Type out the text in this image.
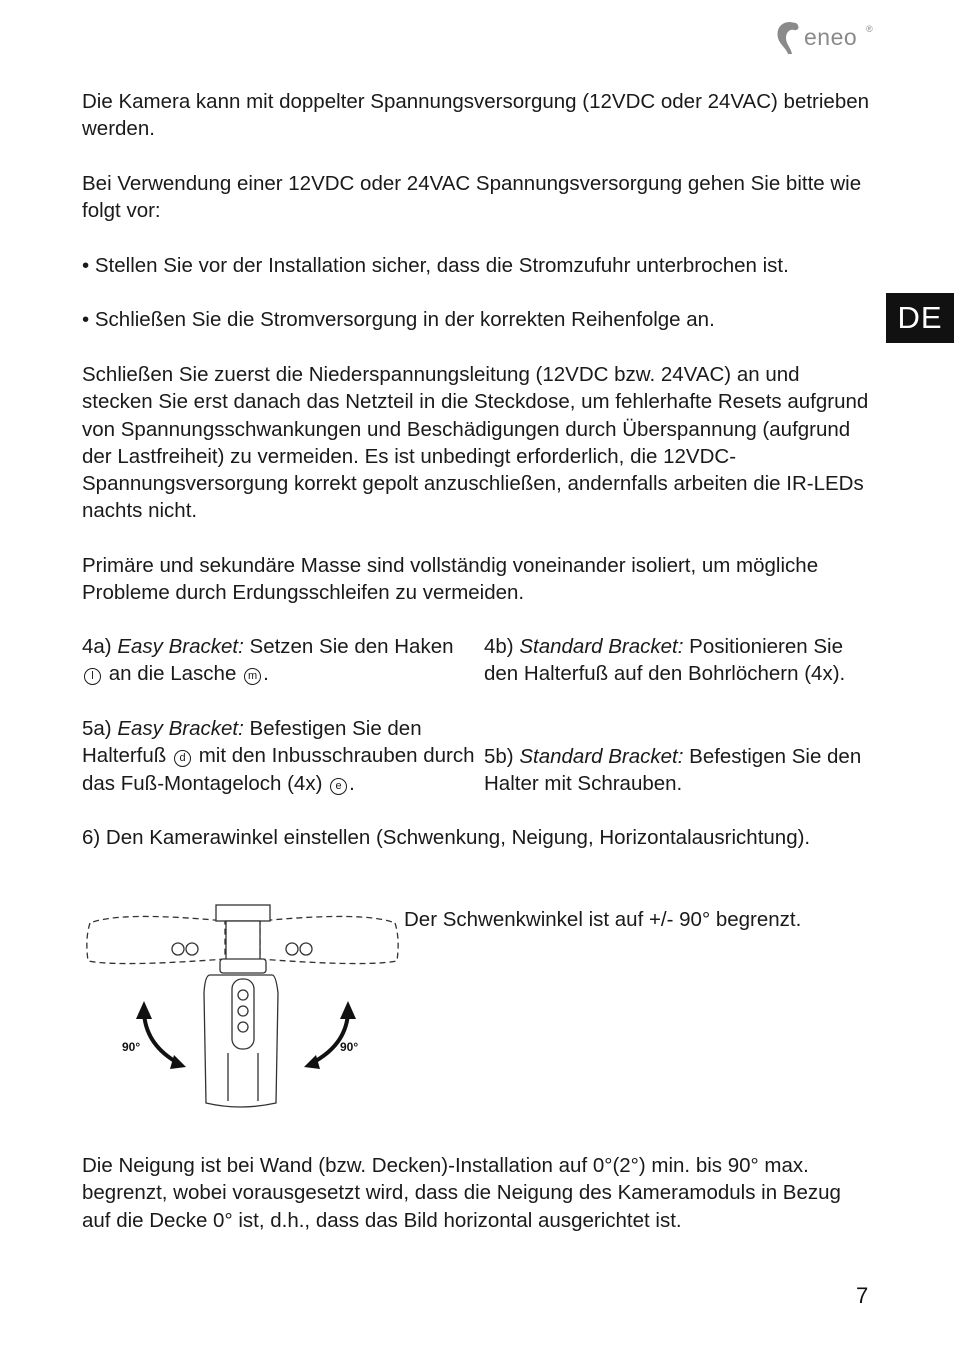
eneo ®
DE

Die Kamera kann mit doppelter Spannungsversorgung (12VDC oder 24VAC) betrieben werden.

Bei Verwendung einer 12VDC oder 24VAC Spannungsversorgung gehen Sie bitte wie folgt vor:

• Stellen Sie vor der Installation sicher, dass die Stromzufuhr unterbrochen ist.

• Schließen Sie die Stromversorgung in der korrekten Reihenfolge an.

Schließen Sie zuerst die Niederspannungsleitung (12VDC bzw. 24VAC) an und stecken Sie erst danach das Netzteil in die Steckdose, um fehlerhafte Resets aufgrund von Spannungsschwankungen und Beschädigungen durch Überspannung (aufgrund der Lastfreiheit) zu vermeiden. Es ist unbedingt erforderlich, die 12VDC-Spannungsversorgung korrekt gepolt anzuschließen, andernfalls arbeiten die IR-LEDs nachts nicht.

Primäre und sekundäre Masse sind vollständig voneinander isoliert, um mögliche Probleme durch Erdungsschleifen zu vermeiden.

4a) Easy Bracket: Setzen Sie den Haken l an die Lasche m .

5a) Easy Bracket: Befestigen Sie den Halterfuß d mit den Inbusschrauben durch das Fuß-Montageloch (4x) e .

4b) Standard Bracket: Positionieren Sie den Halterfuß auf den Bohrlöchern (4x).

5b) Standard Bracket: Befestigen Sie den Halter mit Schrauben.

6) Den Kamerawinkel einstellen (Schwenkung, Neigung, Horizontalausrichtung).

90°	90°

Der Schwenkwinkel ist auf +/- 90° begrenzt.

Die Neigung ist bei Wand (bzw. Decken)-Installation auf 0°(2°) min. bis 90° max. begrenzt, wobei vorausgesetzt wird, dass die Neigung des Kameramoduls in Bezug auf die Decke 0° ist, d.h., dass das Bild horizontal ausgerichtet ist.

7
